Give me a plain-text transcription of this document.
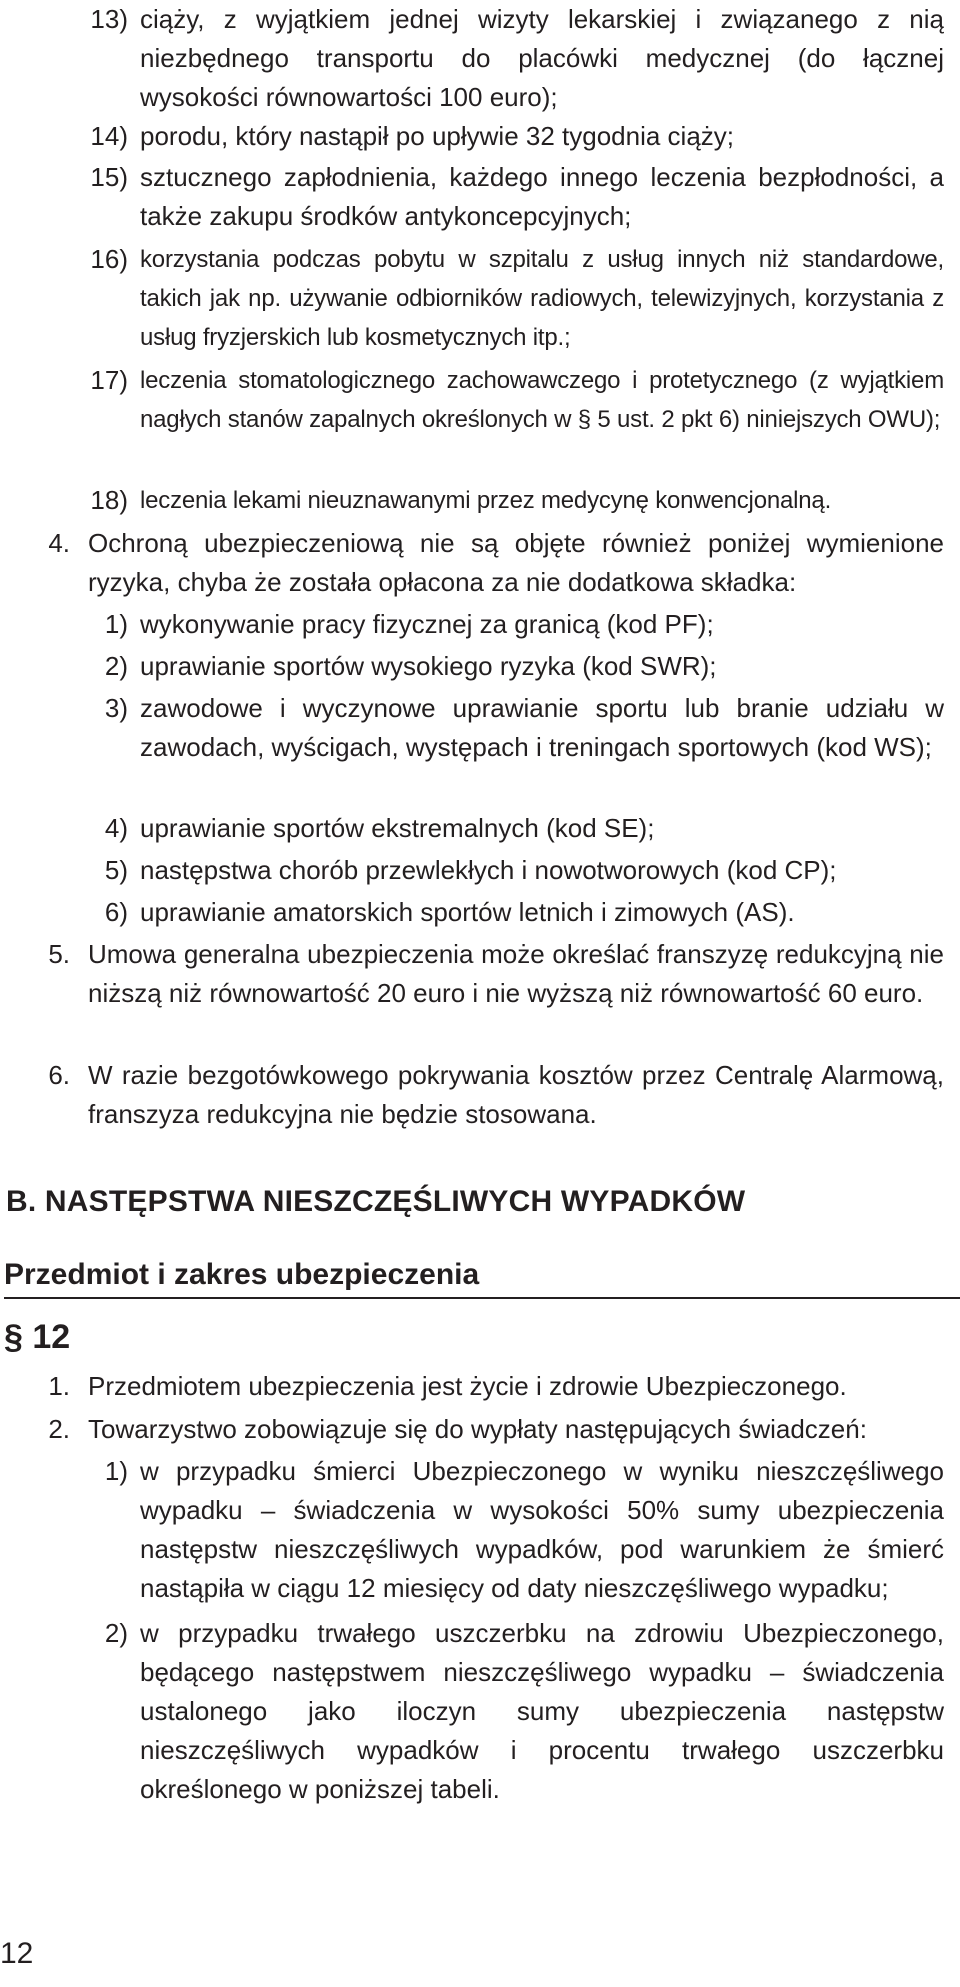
13) ciąży, z wyjątkiem jednej wizyty lekarskiej i związanego z nią niezbędnego transportu do placówki medycznej (do łącznej wysokości równowartości 100 euro);
14) porodu, który nastąpił po upływie 32 tygodnia ciąży;
15) sztucznego zapłodnienia, każdego innego leczenia bezpłodności, a także zakupu środków antykoncepcyjnych;
16) korzystania podczas pobytu w szpitalu z usług innych niż standardowe, takich jak np. używanie odbiorników radiowych, telewizyjnych, korzystania z usług fryzjerskich lub kosmetycznych itp.;
17) leczenia stomatologicznego zachowawczego i protetycznego (z wyjątkiem nagłych stanów zapalnych określonych w § 5 ust. 2 pkt 6) niniejszych OWU);
18) leczenia lekami nieuznawanymi przez medycynę konwencjonalną.
4. Ochroną ubezpieczeniową nie są objęte również poniżej wymienione ryzyka, chyba że została opłacona za nie dodatkowa składka:
1) wykonywanie pracy fizycznej za granicą (kod PF);
2) uprawianie sportów wysokiego ryzyka (kod SWR);
3) zawodowe i wyczynowe uprawianie sportu lub branie udziału w zawodach, wyścigach, występach i treningach sportowych (kod WS);
4) uprawianie sportów ekstremalnych (kod SE);
5) następstwa chorób przewlekłych i nowotworowych (kod CP);
6) uprawianie amatorskich sportów letnich i zimowych (AS).
5. Umowa generalna ubezpieczenia może określać franszyzę redukcyjną nie niższą niż równowartość 20 euro i nie wyższą niż równowartość 60 euro.
6. W razie bezgotówkowego pokrywania kosztów przez Centralę Alarmową, franszyza redukcyjna nie będzie stosowana.
B. NASTĘPSTWA NIESZCZĘŚLIWYCH WYPADKÓW
Przedmiot i zakres ubezpieczenia
§ 12
1. Przedmiotem ubezpieczenia jest życie i zdrowie Ubezpieczonego.
2. Towarzystwo zobowiązuje się do wypłaty następujących świadczeń:
1) w przypadku śmierci Ubezpieczonego w wyniku nieszczęśliwego wypadku – świadczenia w wysokości 50% sumy ubezpieczenia następstw nieszczęśliwych wypadków, pod warunkiem że śmierć nastąpiła w ciągu 12 miesięcy od daty nieszczęśliwego wypadku;
2) w przypadku trwałego uszczerbku na zdrowiu Ubezpieczonego, będącego następstwem nieszczęśliwego wypadku – świadczenia ustalonego jako iloczyn sumy ubezpieczenia następstw nieszczęśliwych wypadków i procentu trwałego uszczerbku określonego w poniższej tabeli.
12
